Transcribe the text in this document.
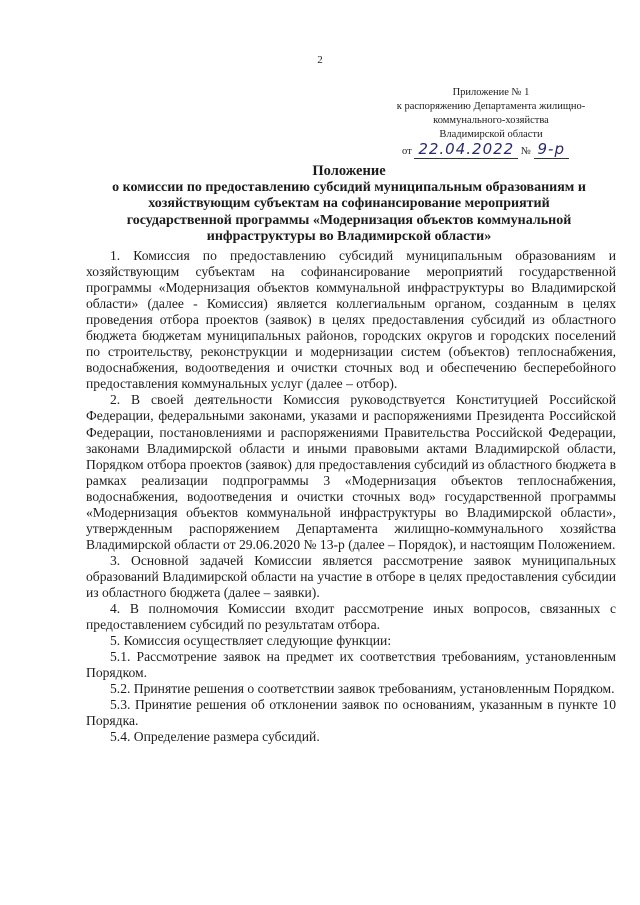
2
Приложение № 1
к распоряжению Департамента жилищно-
коммунального-хозяйства
Владимирской области
от 22.04.2022 № 9-р
Положение
о комиссии по предоставлению субсидий муниципальным образованиям и
хозяйствующим субъектам на софинансирование мероприятий
государственной программы «Модернизация объектов коммунальной
инфраструктуры во Владимирской области»

1. Комиссия по предоставлению субсидий муниципальным образованиям и хозяйствующим субъектам на софинансирование мероприятий государственной программы «Модернизация объектов коммунальной инфраструктуры во Владимирской области» (далее - Комиссия) является коллегиальным органом, созданным в целях проведения отбора проектов (заявок) в целях предоставления субсидий из областного бюджета бюджетам муниципальных районов, городских округов и городских поселений по строительству, реконструкции и модернизации систем (объектов) теплоснабжения, водоснабжения, водоотведения и очистки сточных вод и обеспечению бесперебойного предоставления коммунальных услуг (далее – отбор).

2. В своей деятельности Комиссия руководствуется Конституцией Российской Федерации, федеральными законами, указами и распоряжениями Президента Российской Федерации, постановлениями и распоряжениями Правительства Российской Федерации, законами Владимирской области и иными правовыми актами Владимирской области, Порядком отбора проектов (заявок) для предоставления субсидий из областного бюджета в рамках реализации подпрограммы 3 «Модернизация объектов теплоснабжения, водоснабжения, водоотведения и очистки сточных вод» государственной программы «Модернизация объектов коммунальной инфраструктуры во Владимирской области», утвержденным распоряжением Департамента жилищно-коммунального хозяйства Владимирской области от 29.06.2020 № 13-р (далее – Порядок), и настоящим Положением.

3. Основной задачей Комиссии является рассмотрение заявок муниципальных образований Владимирской области на участие в отборе в целях предоставления субсидии из областного бюджета (далее – заявки).

4. В полномочия Комиссии входит рассмотрение иных вопросов, связанных с предоставлением субсидий по результатам отбора.

5. Комиссия осуществляет следующие функции:

5.1. Рассмотрение заявок на предмет их соответствия требованиям, установленным Порядком.

5.2. Принятие решения о соответствии заявок требованиям, установленным Порядком.

5.3. Принятие решения об отклонении заявок по основаниям, указанным в пункте 10 Порядка.

5.4. Определение размера субсидий.
